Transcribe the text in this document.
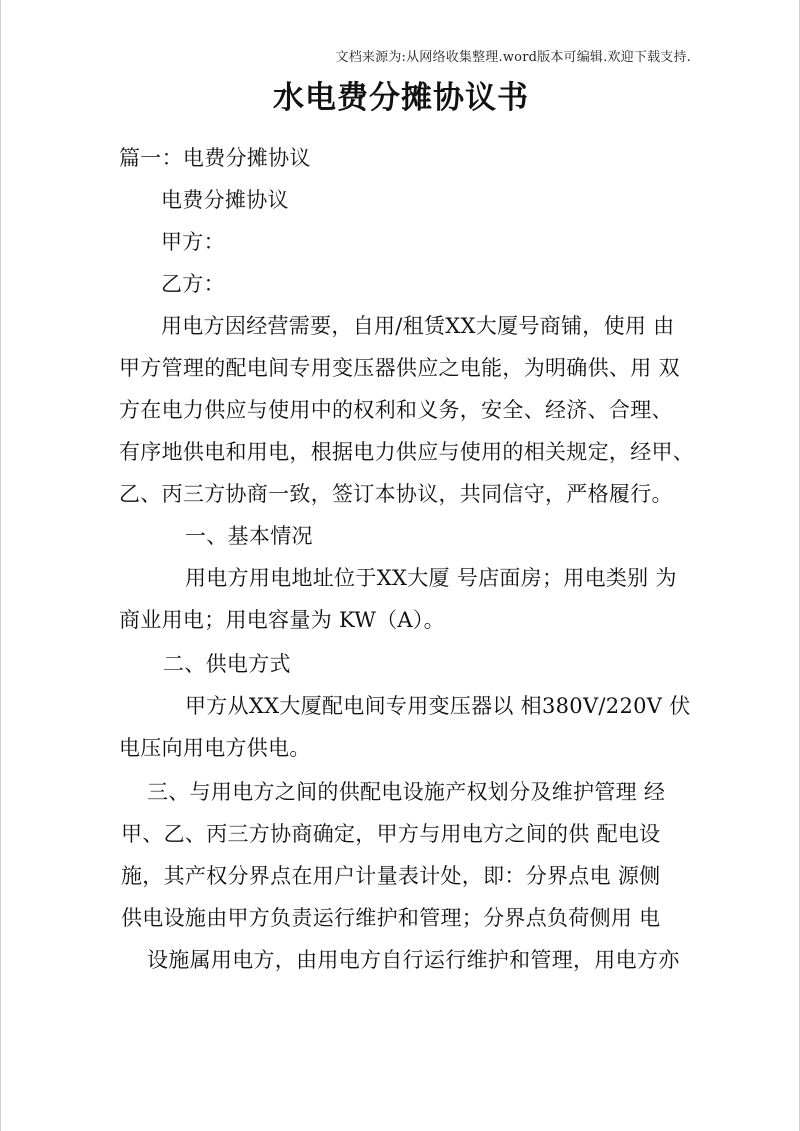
文档来源为:从网络收集整理.word版本可编辑.欢迎下载支持.
水电费分摊协议书
篇一：电费分摊协议
电费分摊协议
甲方：
乙方：
用电方因经营需要，自用/租赁XX大厦号商铺，使用 由
甲方管理的配电间专用变压器供应之电能，为明确供、用 双
方在电力供应与使用中的权利和义务，安全、经济、合理、
有序地供电和用电，根据电力供应与使用的相关规定，经甲、
乙、丙三方协商一致，签订本协议，共同信守，严格履行。
一、基本情况
用电方用电地址位于XX大厦 号店面房；用电类别 为
商业用电；用电容量为 KW（A）。
二、供电方式
甲方从XX大厦配电间专用变压器以 相380V/220V 伏
电压向用电方供电。
三、与用电方之间的供配电设施产权划分及维护管理 经
甲、乙、丙三方协商确定，甲方与用电方之间的供 配电设
施，其产权分界点在用户计量表计处，即：分界点电 源侧
供电设施由甲方负责运行维护和管理；分界点负荷侧用 电
设施属用电方，由用电方自行运行维护和管理，用电方亦
